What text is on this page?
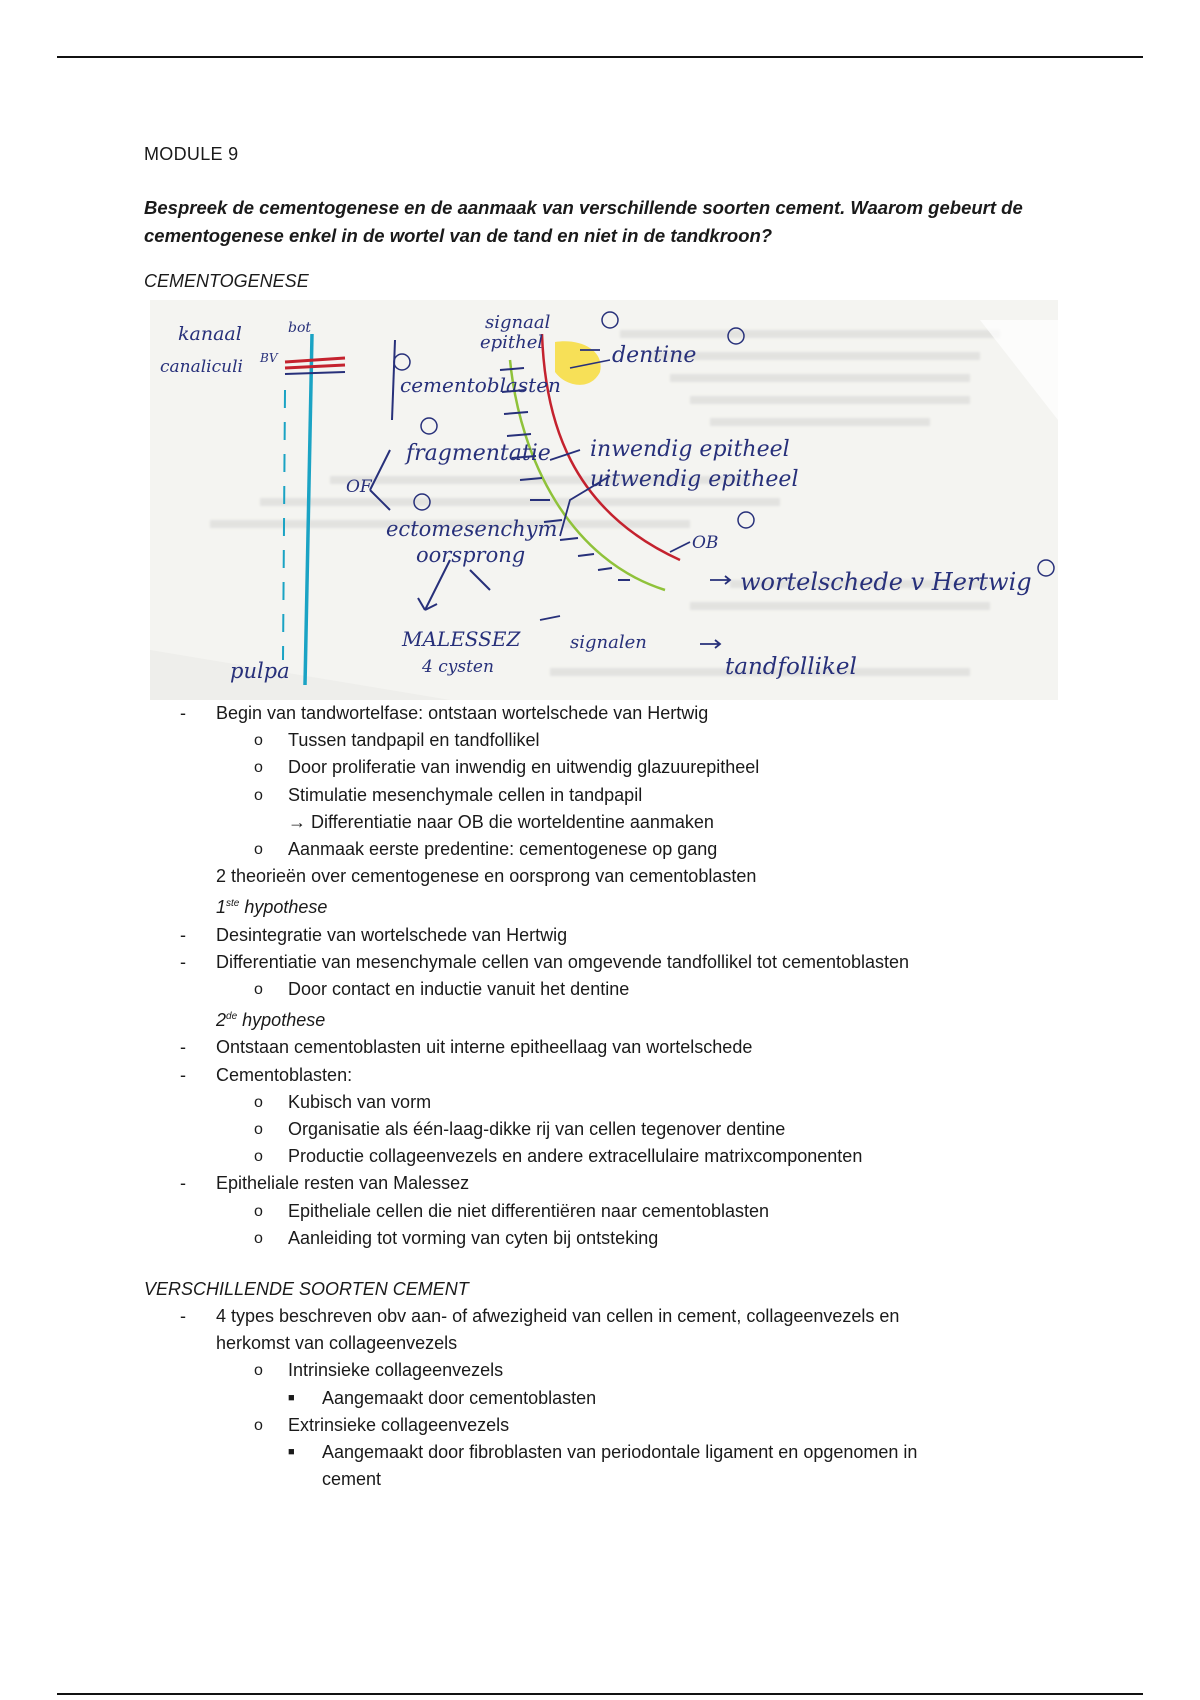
MODULE 9
Bespreek de cementogenese en de aanmaak van verschillende soorten cement. Waarom gebeurt de cementogenese enkel in de wortel van de tand en niet in de tandkroon?
CEMENTOGENESE
kanaal
canaliculi
bot
BV
signaal
epithel
dentine
cementoblasten
fragmentatie
OF
ectomesenchym
oorsprong
inwendig epitheel
uitwendig epitheel
OB
wortelschede v Hertwig
MALESSEZ
4 cysten
signalen
tandfollikel
pulpa
- Begin van tandwortelfase: ontstaan wortelschede van Hertwig
o Tussen tandpapil en tandfollikel
o Door proliferatie van inwendig en uitwendig glazuurepitheel
o Stimulatie mesenchymale cellen in tandpapil
→ Differentiatie naar OB die worteldentine aanmaken
o Aanmaak eerste predentine: cementogenese op gang
2 theorieën over cementogenese en oorsprong van cementoblasten
1ste hypothese
- Desintegratie van wortelschede van Hertwig
- Differentiatie van mesenchymale cellen van omgevende tandfollikel tot cementoblasten
o Door contact en inductie vanuit het dentine
2de hypothese
- Ontstaan cementoblasten uit interne epitheellaag van wortelschede
- Cementoblasten:
o Kubisch van vorm
o Organisatie als één-laag-dikke rij van cellen tegenover dentine
o Productie collageenvezels en andere extracellulaire matrixcomponenten
- Epitheliale resten van Malessez
o Epitheliale cellen die niet differentiëren naar cementoblasten
o Aanleiding tot vorming van cyten bij ontsteking
VERSCHILLENDE SOORTEN CEMENT
- 4 types beschreven obv aan- of afwezigheid van cellen in cement, collageenvezels en
herkomst van collageenvezels
o Intrinsieke collageenvezels
■ Aangemaakt door cementoblasten
o Extrinsieke collageenvezels
■ Aangemaakt door fibroblasten van periodontale ligament en opgenomen in
cement
